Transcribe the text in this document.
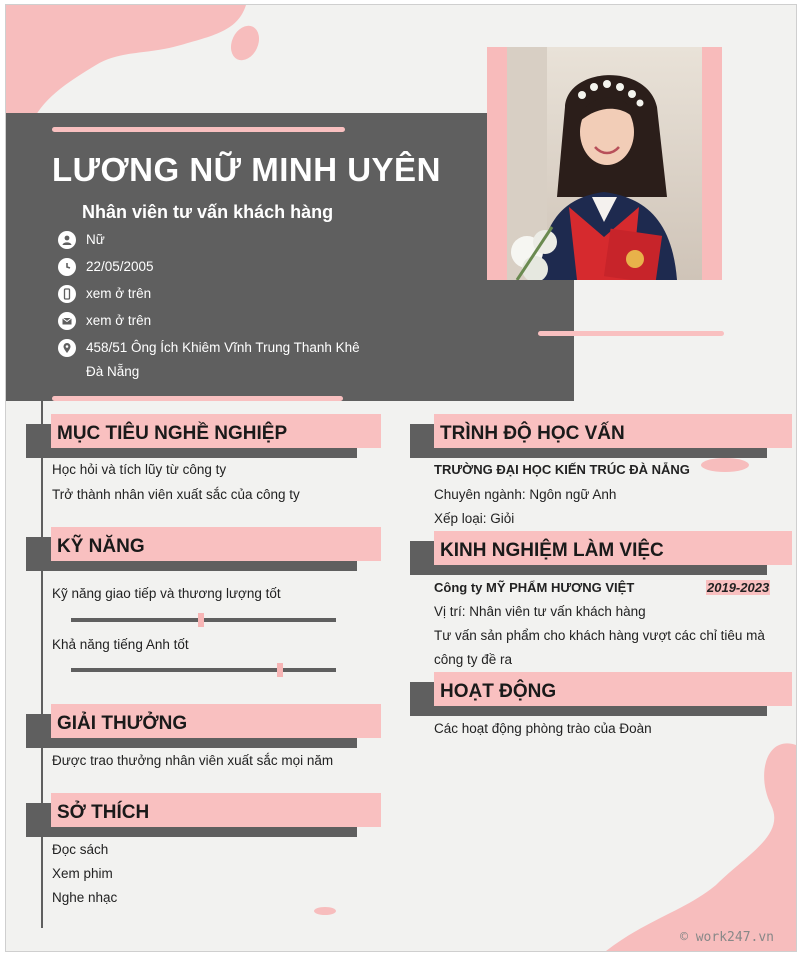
LƯƠNG NỮ MINH UYÊN
Nhân viên tư vấn khách hàng
Nữ
22/05/2005
xem ở trên
xem ở trên
458/51 Ông Ích Khiêm Vĩnh Trung Thanh Khê
Đà Nẵng
MỤC TIÊU NGHỀ NGHIỆP
Học hỏi và tích lũy từ công ty
Trở thành nhân viên xuất sắc của công ty
KỸ NĂNG
Kỹ năng giao tiếp và thương lượng tốt
Khả năng tiếng Anh tốt
GIẢI THƯỞNG
Được trao thưởng nhân viên xuất sắc mọi năm
SỞ THÍCH
Đọc sách
Xem phim
Nghe nhạc
TRÌNH ĐỘ HỌC VẤN
TRƯỜNG ĐẠI HỌC KIẾN TRÚC ĐÀ NẴNG
Chuyên ngành: Ngôn ngữ Anh
Xếp loại: Giỏi
KINH NGHIỆM LÀM VIỆC
Công ty MỸ PHẨM HƯƠNG VIỆT	2019-2023
Vị trí: Nhân viên tư vấn khách hàng
Tư vấn sản phẩm cho khách hàng vượt các chỉ tiêu mà
công ty đề ra
HOẠT ĐỘNG
Các hoạt động phòng trào của Đoàn
© work247.vn
